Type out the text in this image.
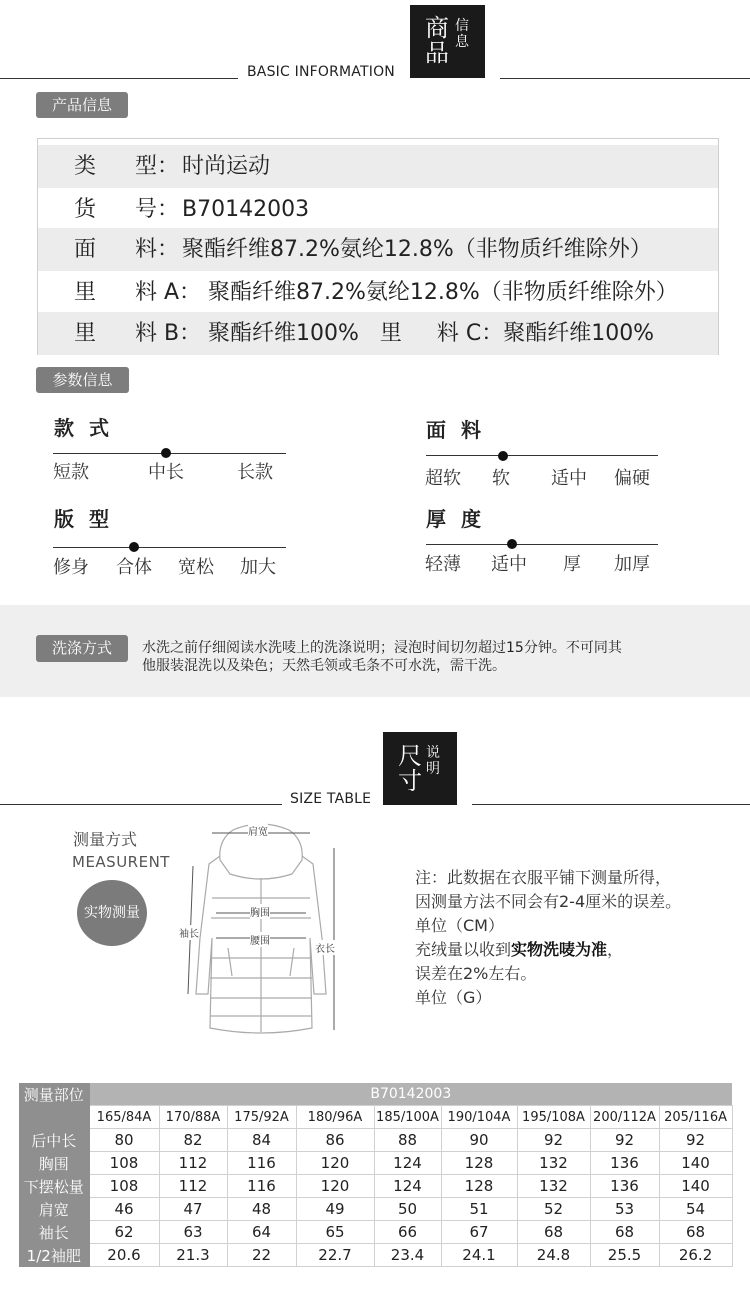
BASIC INFORMATION
商品
信
息
产品信息
类 型： 时尚运动
货 号： B70142003
面 料： 聚酯纤维87.2%氨纶12.8%（非物质纤维除外）
里 料 A： 聚酯纤维87.2%氨纶12.8%（非物质纤维除外）
里 料 B： 聚酯纤维100%   里     料 C：聚酯纤维100%
参数信息
款 式
短款	中长	长款
面 料
超软 软 适中 偏硬
版 型
修身 合体 宽松 加大
厚 度
轻薄 适中 厚 加厚
洗涤方式	水洗之前仔细阅读水洗唛上的洗涤说明；浸泡时间切勿超过15分钟。不可同其
他服装混洗以及染色；天然毛领或毛条不可水洗，需干洗。
SIZE TABLE
尺
寸
说
明
测量方式
MEASURENT
实物测量
肩宽
胸围
腰围
袖长
衣长
注：此数据在衣服平铺下测量所得，
因测量方法不同会有2-4厘米的误差。
单位（CM）
充绒量以收到实物洗唛为准，
误差在2%左右。
单位（G）
测量部位	B70142003								
	165/84A	170/88A	175/92A	180/96A	185/100A	190/104A	195/108A	200/112A	205/116A
后中长	80	82	84	86	88	90	92	92	92
胸围	108	112	116	120	124	128	132	136	140
下摆松量	108	112	116	120	124	128	132	136	140
肩宽	46	47	48	49	50	51	52	53	54
袖长	62	63	64	65	66	67	68	68	68
1/2袖肥	20.6	21.3	22	22.7	23.4	24.1	24.8	25.5	26.2
